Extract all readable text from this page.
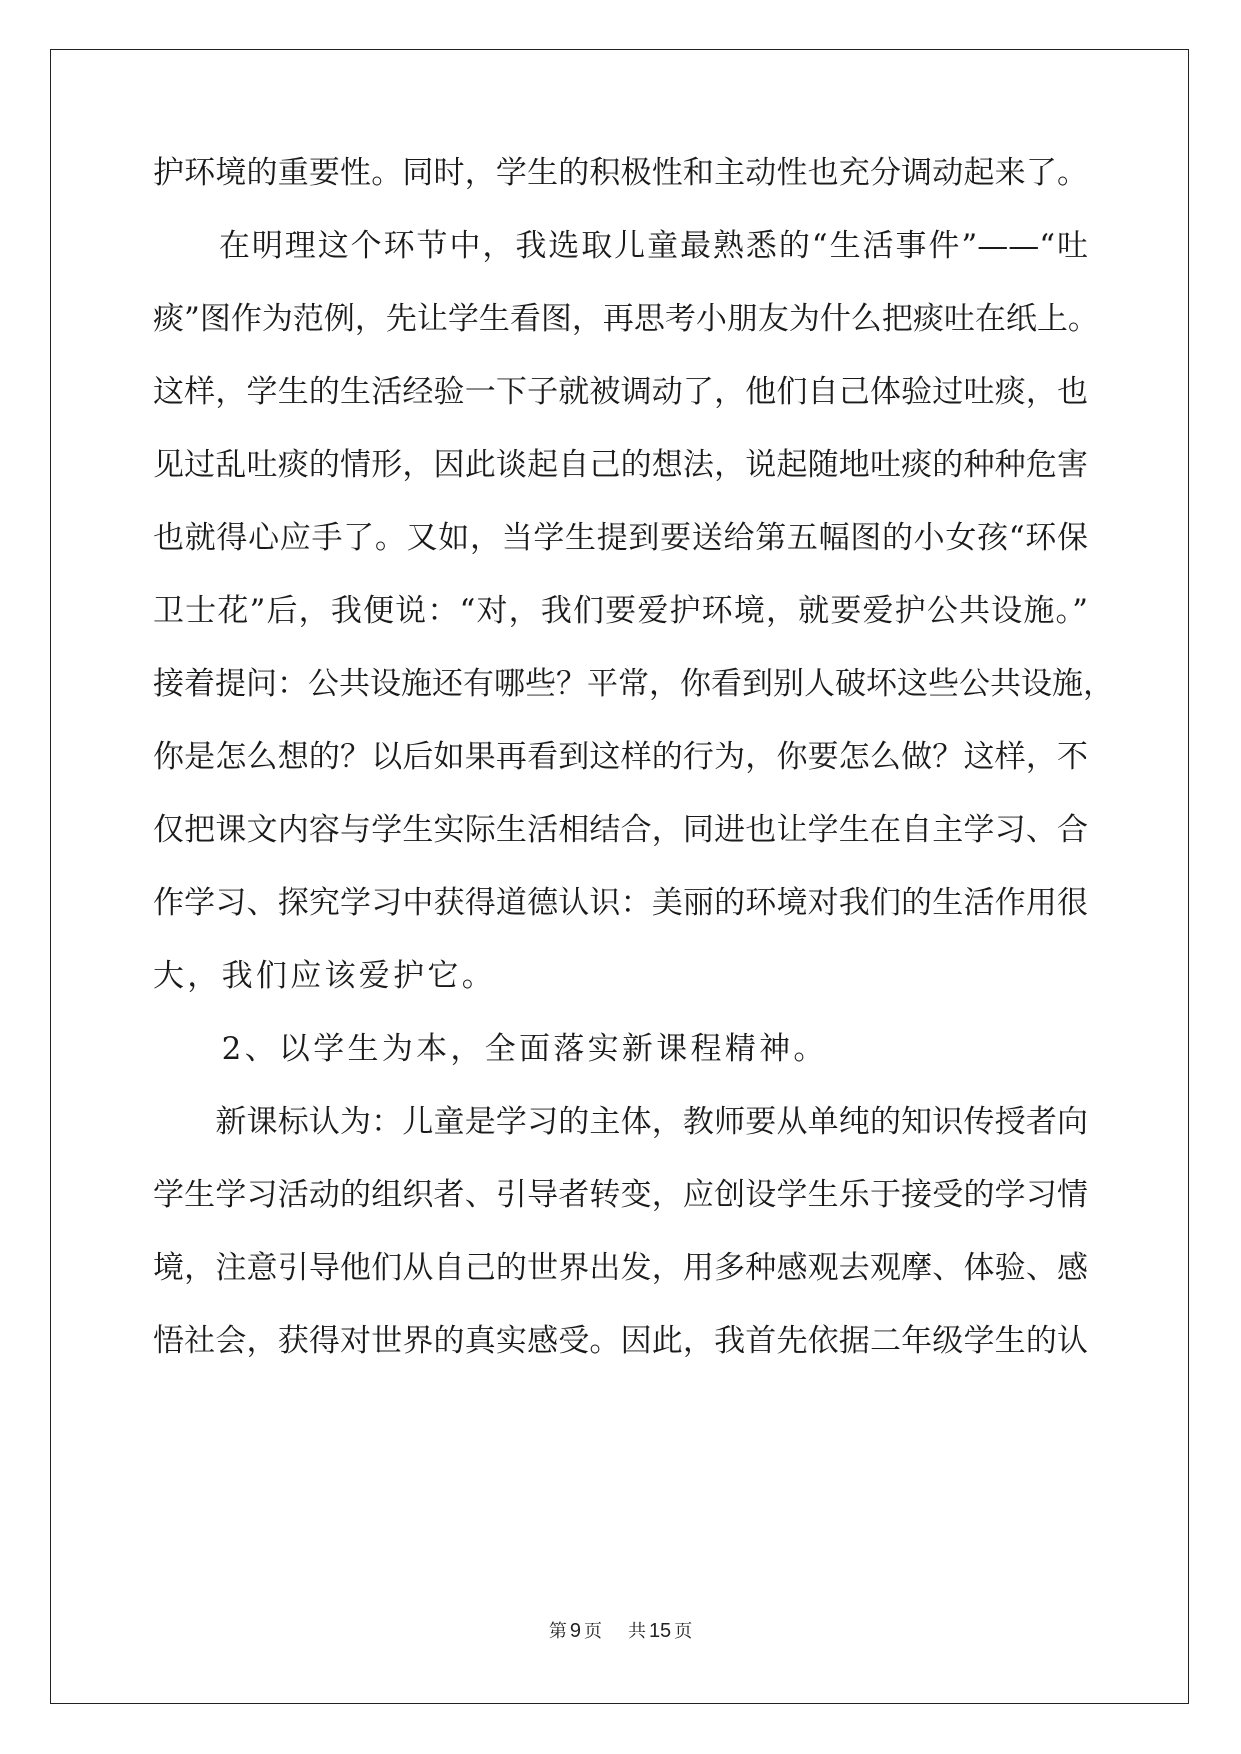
护环境的重要性。同时，学生的积极性和主动性也充分调动起来了。
　　在明理这个环节中，我选取儿童最熟悉的“生活事件”——“吐
痰”图作为范例，先让学生看图，再思考小朋友为什么把痰吐在纸上。
这样，学生的生活经验一下子就被调动了，他们自己体验过吐痰，也
见过乱吐痰的情形，因此谈起自己的想法，说起随地吐痰的种种危害
也就得心应手了。又如，当学生提到要送给第五幅图的小女孩“环保
卫士花”后，我便说：“对，我们要爱护环境，就要爱护公共设施。”
接着提问：公共设施还有哪些？平常，你看到别人破坏这些公共设施，
你是怎么想的？以后如果再看到这样的行为，你要怎么做？这样，不
仅把课文内容与学生实际生活相结合，同进也让学生在自主学习、合
作学习、探究学习中获得道德认识：美丽的环境对我们的生活作用很
大，我们应该爱护它。
　　2、以学生为本，全面落实新课程精神。
　　新课标认为：儿童是学习的主体，教师要从单纯的知识传授者向
学生学习活动的组织者、引导者转变，应创设学生乐于接受的学习情
境，注意引导他们从自己的世界出发，用多种感观去观摩、体验、感
悟社会，获得对世界的真实感受。因此，我首先依据二年级学生的认
第 9 页 共 15 页
